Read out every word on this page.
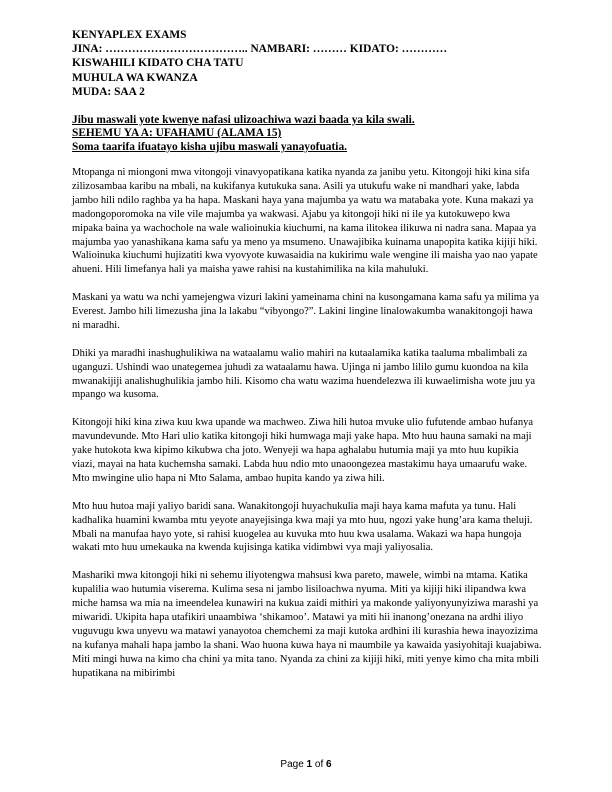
KENYAPLEX EXAMS
JINA: ……………………………….. NAMBARI: ……… KIDATO: …………
KISWAHILI KIDATO CHA TATU
MUHULA WA KWANZA
MUDA: SAA 2
Jibu maswali yote kwenye nafasi ulizoachiwa wazi baada ya kila swali.
SEHEMU YA A: UFAHAMU (ALAMA 15)
Soma taarifa ifuatayo kisha ujibu maswali yanayofuatia.

Mtopanga ni miongoni mwa vitongoji vinavyopatikana katika nyanda za janibu yetu. Kitongoji hiki kina sifa zilizosambaa karibu na mbali, na kukifanya kutukuka sana. Asili ya utukufu wake ni mandhari yake, labda jambo hili ndilo raghba ya ha hapa. Maskani haya yana majumba ya watu wa matabaka yote. Kuna makazi ya madongoporomoka na vile vile majumba ya wakwasi. Ajabu ya kitongoji hiki ni ile ya kutokuwepo kwa mipaka baina ya wachochole na wale walioinukia kiuchumi, na kama ilitokea ilikuwa ni nadra sana. Mapaa ya majumba yao yanashikana kama safu ya meno ya msumeno. Unawajibika kuinama unapopita katika kijiji hiki. Walioinuka kiuchumi hujizatiti kwa vyovyote kuwasaidia na kukirimu wale wengine ili maisha yao nao yapate ahueni. Hili limefanya hali ya maisha yawe rahisi na kustahimilika na kila mahuluki.

Maskani ya watu wa nchi yamejengwa vizuri lakini yameinama chini na kusongamana kama safu ya milima ya Everest. Jambo hili limezusha jina la lakabu “vibyongo?”. Lakini lingine linalowakumba wanakitongoji hawa ni maradhi.

Dhiki ya maradhi inashughulikiwa na wataalamu walio mahiri na kutaalamika katika taaluma mbalimbali za uganguzi. Ushindi wao unategemea juhudi za wataalamu hawa. Ujinga ni jambo lililo gumu kuondoa na kila mwanakijiji analishughulikia jambo hili. Kisomo cha watu wazima huendelezwa ili kuwaelimisha wote juu ya mpango wa kusoma.

Kitongoji hiki kina ziwa kuu kwa upande wa machweo. Ziwa hili hutoa mvuke ulio fufutende ambao hufanya mavundevunde. Mto Hari ulio katika kitongoji hiki humwaga maji yake hapa. Mto huu hauna samaki na maji yake hutokota kwa kipimo kikubwa cha joto. Wenyeji wa hapa aghalabu hutumia maji ya mto huu kupikia viazi, mayai na hata kuchemsha samaki. Labda huu ndio mto unaoongezea mastakimu haya umaarufu wake. Mto mwingine ulio hapa ni Mto Salama, ambao hupita kando ya ziwa hili.

Mto huu hutoa maji yaliyo baridi sana. Wanakitongoji huyachukulia maji haya kama mafuta ya tunu. Hali kadhalika huamini kwamba mtu yeyote anayejisinga kwa maji ya mto huu, ngozi yake hung’ara kama theluji. Mbali na manufaa hayo yote, si rahisi kuogelea au kuvuka mto huu kwa usalama. Wakazi wa hapa hungoja wakati mto huu umekauka na kwenda kujisinga katika vidimbwi vya maji yaliyosalia.

Mashariki mwa kitongoji hiki ni sehemu iliyotengwa mahsusi kwa pareto, mawele, wimbi na mtama. Katika kupalilia wao hutumia viserema. Kulima sesa ni jambo lisiloachwa nyuma. Miti ya kijiji hiki ilipandwa kwa miche hamsa wa mia na imeendelea kunawiri na kukua zaidi mithiri ya makonde yaliyonyunyiziwa marashi ya miwaridi. Ukipita hapa utafikiri unaambiwa ‘shikamoo’. Matawi ya miti hii inanong’onezana na ardhi iliyo vuguvugu kwa unyevu wa matawi yanayotoa chemchemi za maji kutoka ardhini ili kurashia hewa inayozizima na kufanya mahali hapa jambo la shani. Wao huona kuwa haya ni maumbile ya kawaida yasiyohitaji kuajabiwa. Miti mingi huwa na kimo cha chini ya mita tano. Nyanda za chini za kijiji hiki, miti yenye kimo cha mita mbili hupatikana na mibirimbi

Page 1 of 6
